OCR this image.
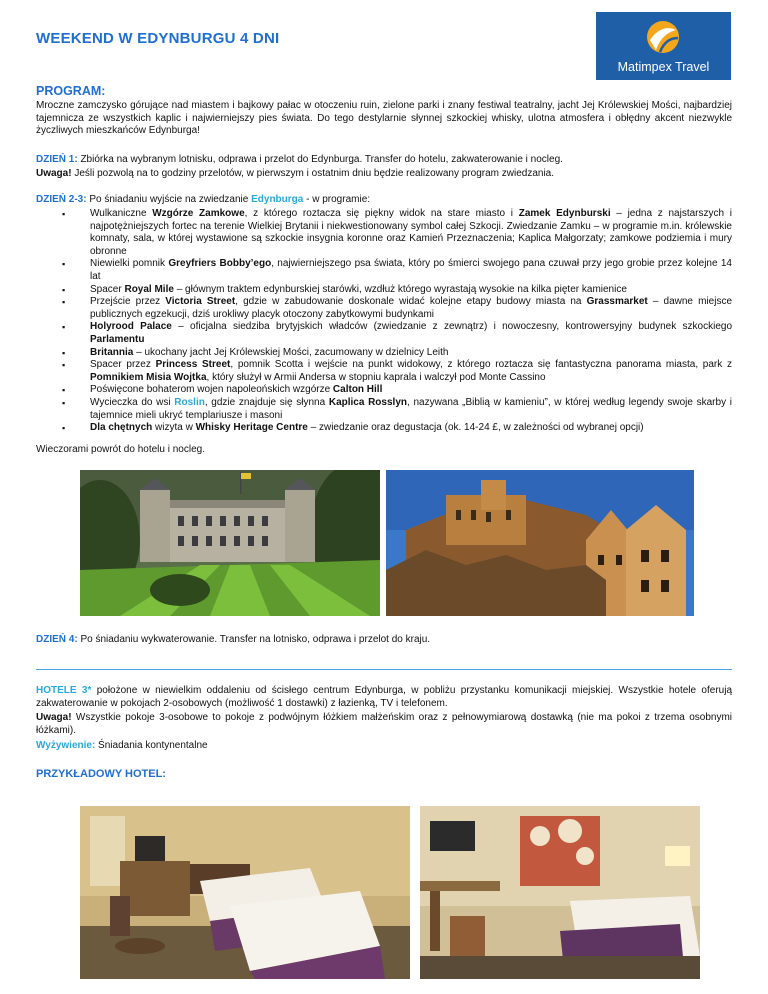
WEEKEND W EDYNBURGU 4 DNI
Matimpex Travel
PROGRAM:

Mroczne zamczysko górujące nad miastem i bajkowy pałac w otoczeniu ruin, zielone parki i znany festiwal teatralny, jacht Jej Królewskiej Mości, najbardziej tajemnicza ze wszystkich kaplic i najwierniejszy pies świata. Do tego destylarnie słynnej szkockiej whisky, ulotna atmosfera i obłędny akcent niezwykle życzliwych mieszkańców Edynburga!

DZIEŃ 1: Zbiórka na wybranym lotnisku, odprawa i przelot do Edynburga. Transfer do hotelu, zakwaterowanie i nocleg.

Uwaga! Jeśli pozwolą na to godziny przelotów, w pierwszym i ostatnim dniu będzie realizowany program zwiedzania.

DZIEŃ 2-3: Po śniadaniu wyjście na zwiedzanie Edynburga - w programie:

▪ Wulkaniczne Wzgórze Zamkowe, z którego roztacza się piękny widok na stare miasto i Zamek Edynburski – jedna z najstarszych i najpotężniejszych fortec na terenie Wielkiej Brytanii i niekwestionowany symbol całej Szkocji. Zwiedzanie Zamku – w programie m.in. królewskie komnaty, sala, w której wystawione są szkockie insygnia koronne oraz Kamień Przeznaczenia; Kaplica Małgorzaty; zamkowe podziemia i mury obronne
▪ Niewielki pomnik Greyfriers Bobby’ego, najwierniejszego psa świata, który po śmierci swojego pana czuwał przy jego grobie przez kolejne 14 lat
▪ Spacer Royal Mile – głównym traktem edynburskiej starówki, wzdłuż którego wyrastają wysokie na kilka pięter kamienice
▪ Przejście przez Victoria Street, gdzie w zabudowanie doskonale widać kolejne etapy budowy miasta na Grassmarket – dawne miejsce publicznych egzekucji, dziś urokliwy placyk otoczony zabytkowymi budynkami
▪ Holyrood Palace – oficjalna siedziba brytyjskich władców (zwiedzanie z zewnątrz) i nowoczesny, kontrowersyjny budynek szkockiego Parlamentu
▪ Britannia – ukochany jacht Jej Królewskiej Mości, zacumowany w dzielnicy Leith
▪ Spacer przez Princess Street, pomnik Scotta i wejście na punkt widokowy, z którego roztacza się fantastyczna panorama miasta, park z Pomnikiem Misia Wojtka, który służył w Armii Andersa w stopniu kaprala i walczył pod Monte Cassino
▪ Poświęcone bohaterom wojen napoleońskich wzgórze Calton Hill
▪ Wycieczka do wsi Roslin, gdzie znajduje się słynna Kaplica Rosslyn, nazywana „Biblią w kamieniu”, w której według legendy swoje skarby i tajemnice mieli ukryć templariusze i masoni
▪ Dla chętnych wizyta w Whisky Heritage Centre – zwiedzanie oraz degustacja (ok. 14-24 £, w zależności od wybranej opcji)

Wieczorami powrót do hotelu i nocleg.

DZIEŃ 4: Po śniadaniu wykwaterowanie. Transfer na lotnisko, odprawa i przelot do kraju.

HOTELE 3* położone w niewielkim oddaleniu od ścisłego centrum Edynburga, w pobliżu przystanku komunikacji miejskiej. Wszystkie hotele oferują zakwaterowanie w pokojach 2-osobowych (możliwość 1 dostawki) z łazienką, TV i telefonem.

Uwaga! Wszystkie pokoje 3-osobowe to pokoje z podwójnym łóżkiem małżeńskim oraz z pełnowymiarową dostawką (nie ma pokoi z trzema osobnymi łóżkami).

Wyżywienie: Śniadania kontynentalne

PRZYKŁADOWY HOTEL:
